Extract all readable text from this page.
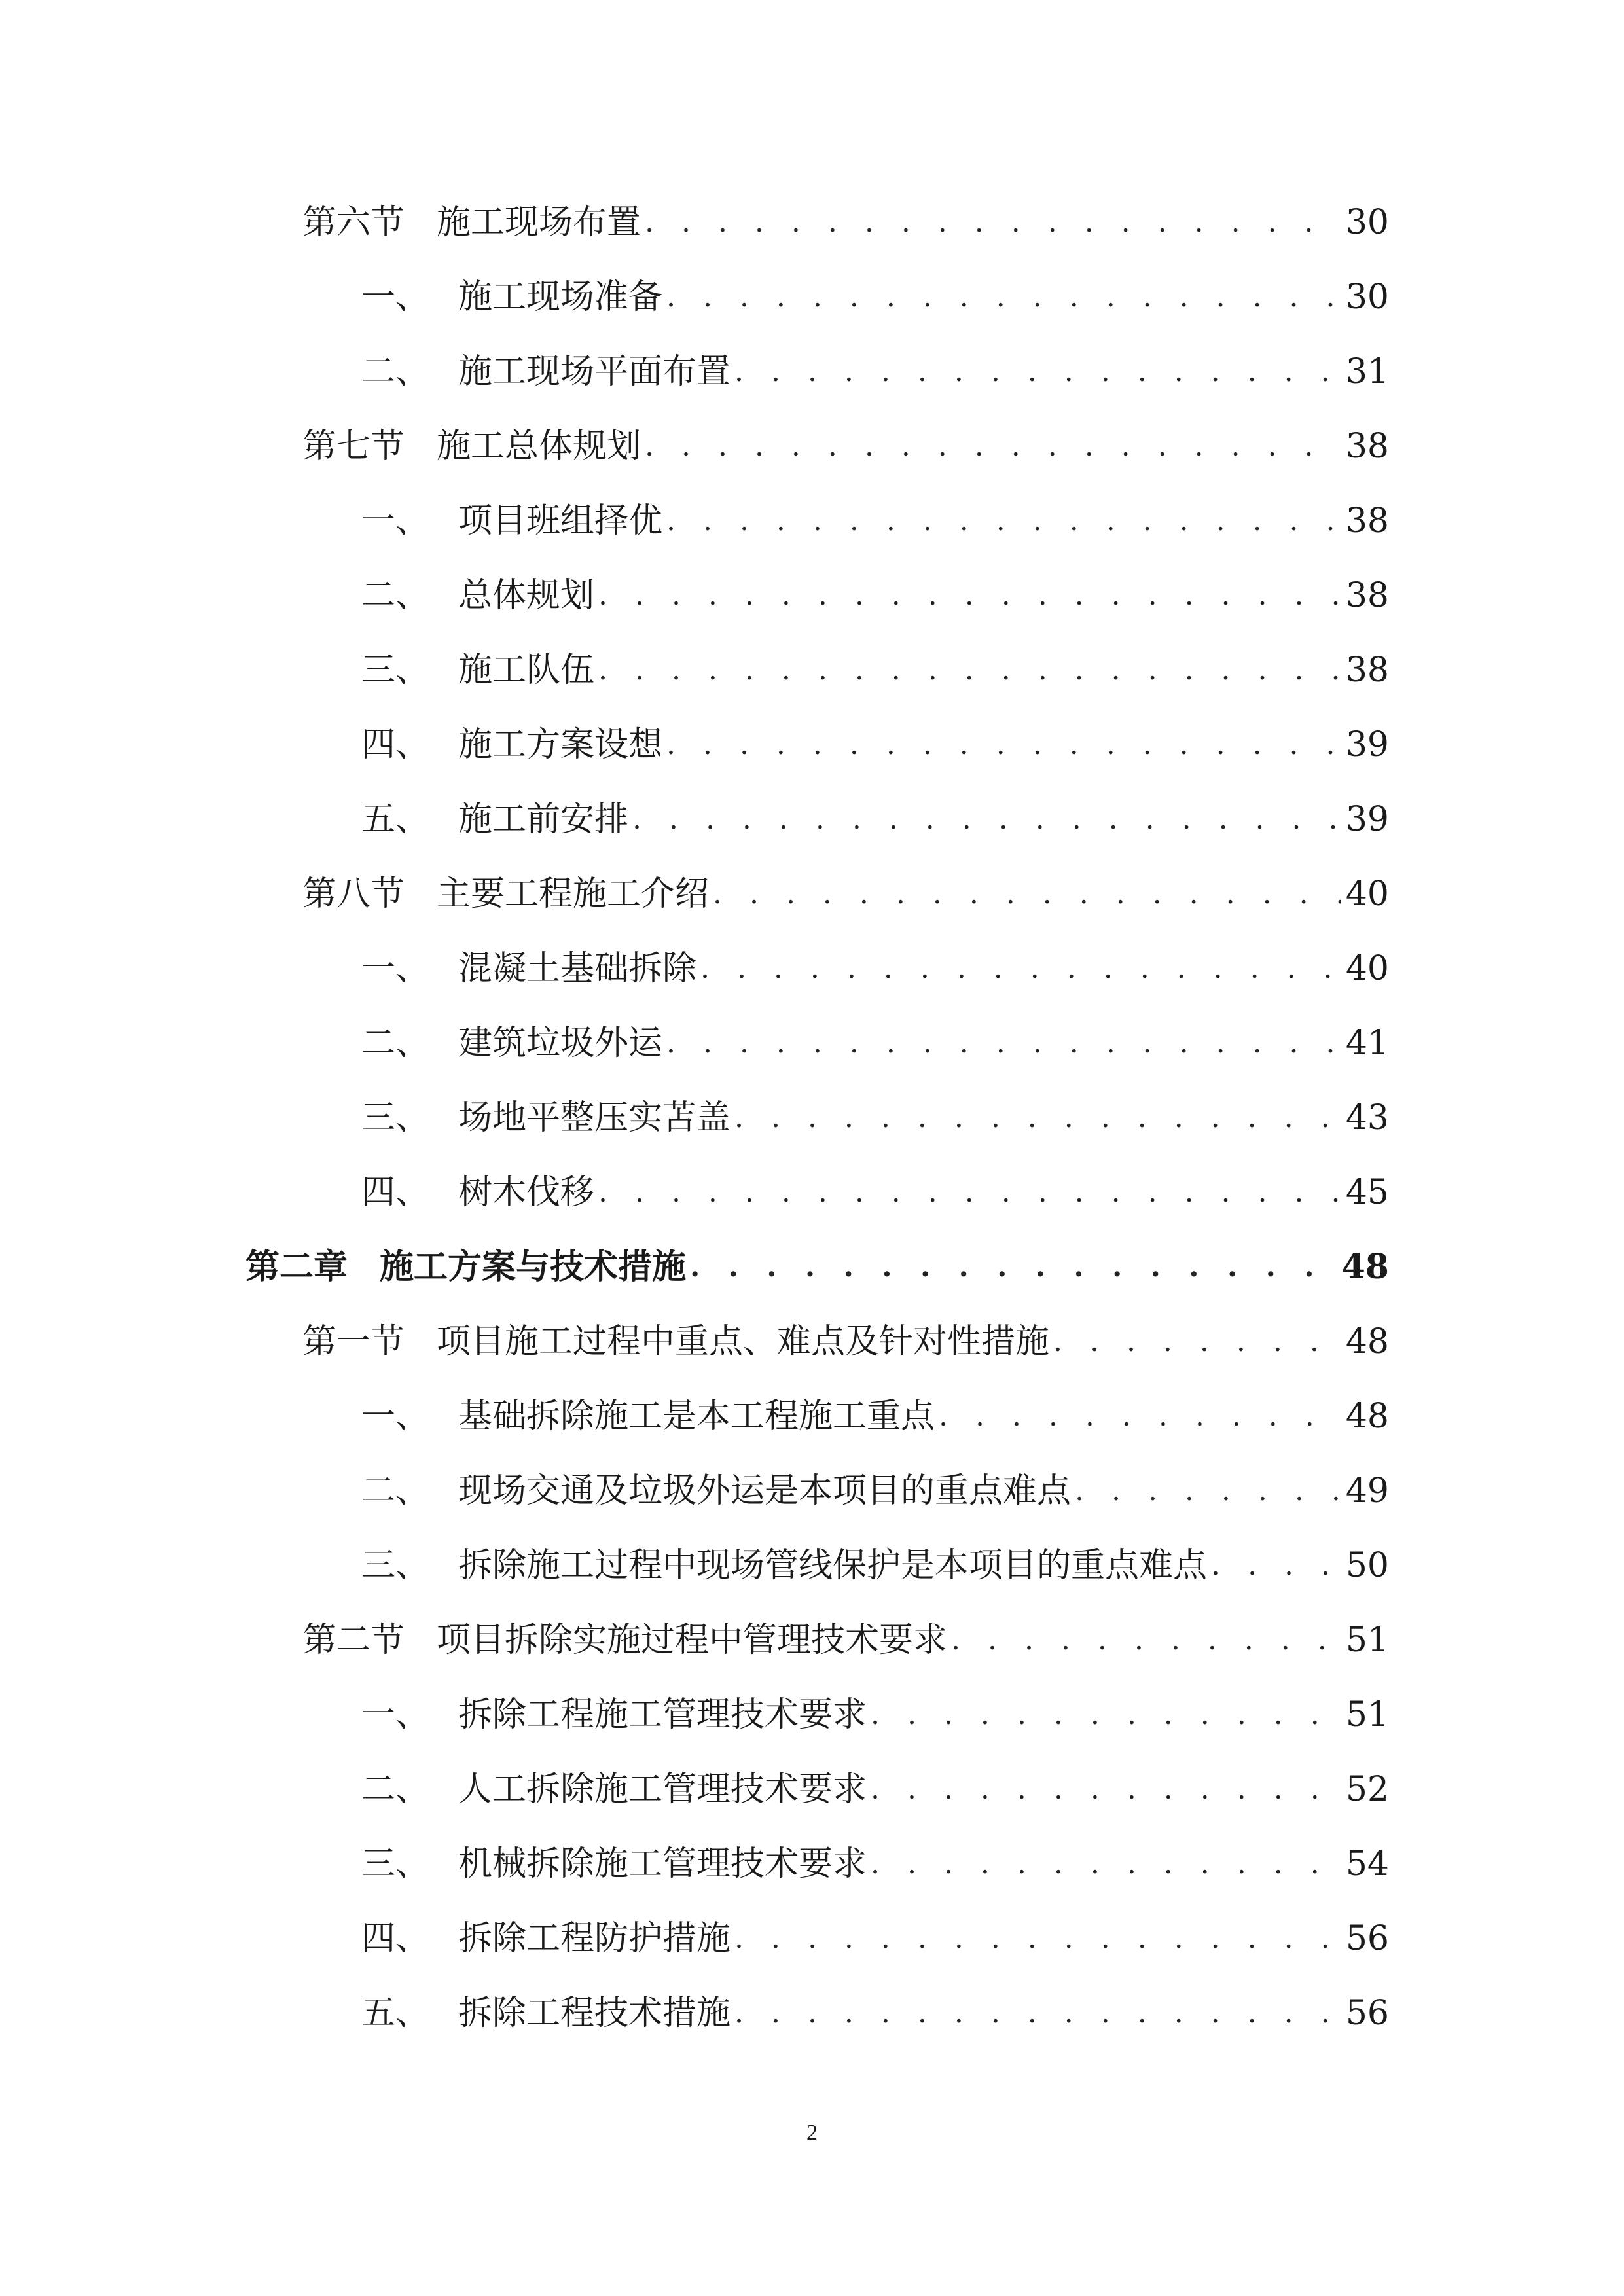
第六节 施工现场布置 . . .	30
一、 施工现场准备 . . .	30
二、 施工现场平面布置 . . .	31
第七节 施工总体规划 . . .	38
一、 项目班组择优 . . .	38
二、 总体规划 . . .	38
三、 施工队伍 . . .	38
四、 施工方案设想 . . .	39
五、 施工前安排 . . .	39
第八节 主要工程施工介绍 . . .	40
一、 混凝土基础拆除 . . .	40
二、 建筑垃圾外运 . . .	41
三、 场地平整压实苫盖 . . .	43
四、 树木伐移 . . .	45
第二章 施工方案与技术措施 . . .	48
第一节 项目施工过程中重点、难点及针对性措施 . . .	48
一、 基础拆除施工是本工程施工重点 . . .	48
二、 现场交通及垃圾外运是本项目的重点难点 . . .	49
三、 拆除施工过程中现场管线保护是本项目的重点难点 . . .	50
第二节 项目拆除实施过程中管理技术要求 . . .	51
一、 拆除工程施工管理技术要求 . . .	51
二、 人工拆除施工管理技术要求 . . .	52
三、 机械拆除施工管理技术要求 . . .	54
四、 拆除工程防护措施 . . .	56
五、 拆除工程技术措施 . . .	56
2
